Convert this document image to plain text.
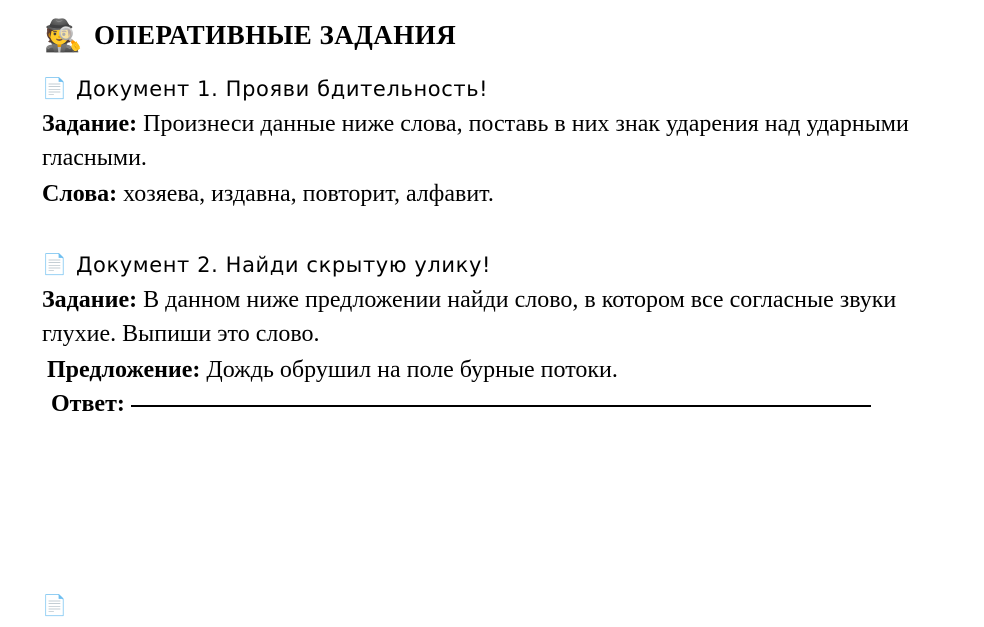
🕵️ ОПЕРАТИВНЫЕ ЗАДАНИЯ
📄 Документ 1. Прояви бдительность!

Задание: Произнеси данные ниже слова, поставь в них знак ударения над ударными гласными.

Слова: хозяева, издавна, повторит, алфавит.

📄 Документ 2. Найди скрытую улику!

Задание: В данном ниже предложении найди слово, в котором все согласные звуки глухие. Выпиши это слово.

Предложение: Дождь обрушил на поле бурные потоки.

Ответ:
📄
